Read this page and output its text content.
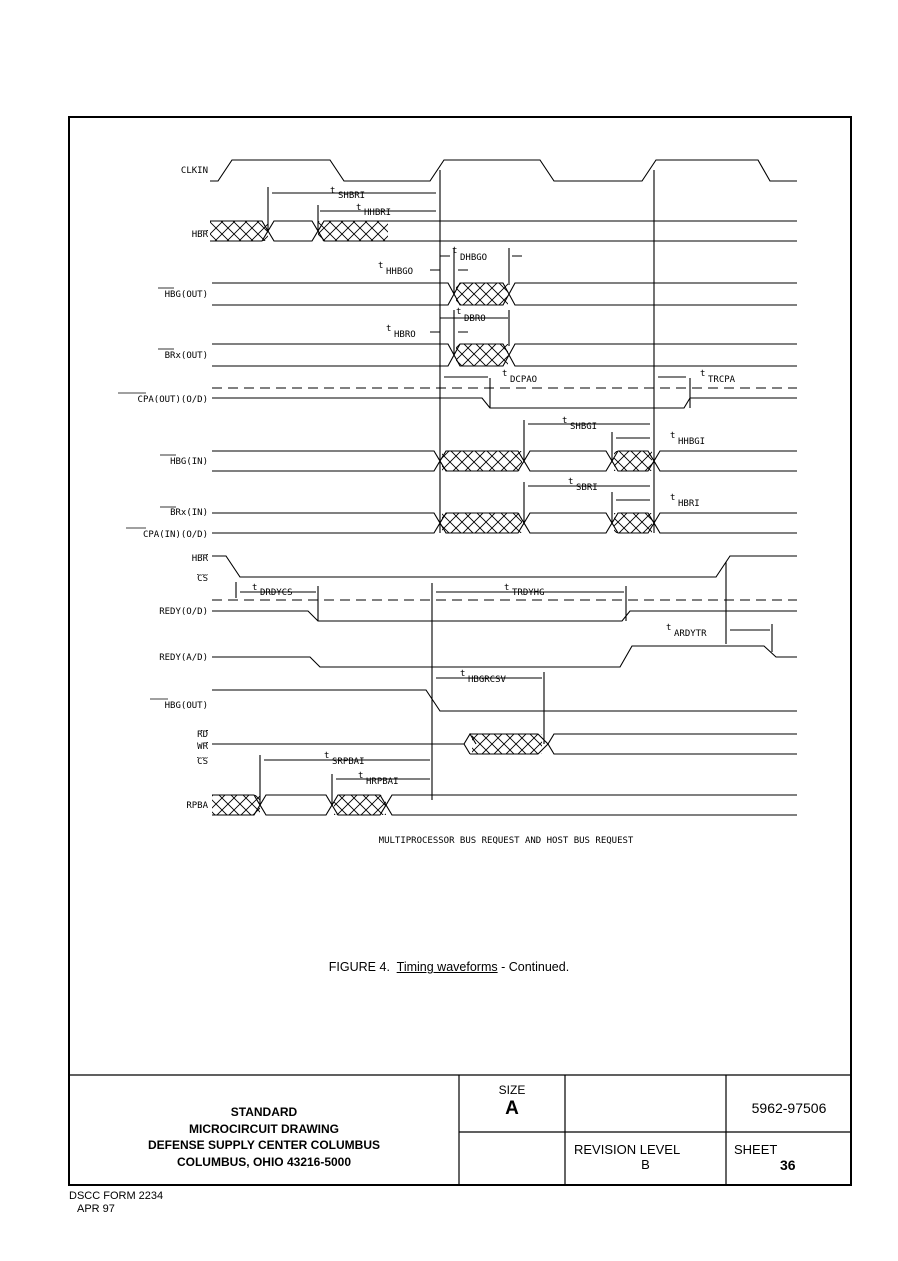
CLKIN
HBR
HBG(OUT)
BRx(OUT)
CPA(OUT)(O/D)
HBG(IN)
BRx(IN)
CPA(IN)(O/D)
HBR
CS
REDY(O/D)
REDY(A/D)
HBG(OUT)
RD
WR
CS
RPBA
t SHBRI
t HHBRI
t
DHBGO
t
HHBGO
t
DBRO
t
HBRO
t
DCPAO
t
TRCPA
t
SHBGI
t
HHBGI
t
SBRI
t
HBRI
t DRDYCS	t TRDYHG
t
ARDYTR
t
HBGRCSV
t
SRPBAI
t
HRPBAI
MULTIPROCESSOR BUS REQUEST AND HOST BUS REQUEST
FIGURE 4. Timing waveforms - Continued.
STANDARD
MICROCIRCUIT DRAWING
DEFENSE SUPPLY CENTER COLUMBUS
COLUMBUS, OHIO 43216-5000
SIZE
A	5962-97506
REVISION LEVEL
B
SHEET
36
DSCC FORM 2234
APR 97
